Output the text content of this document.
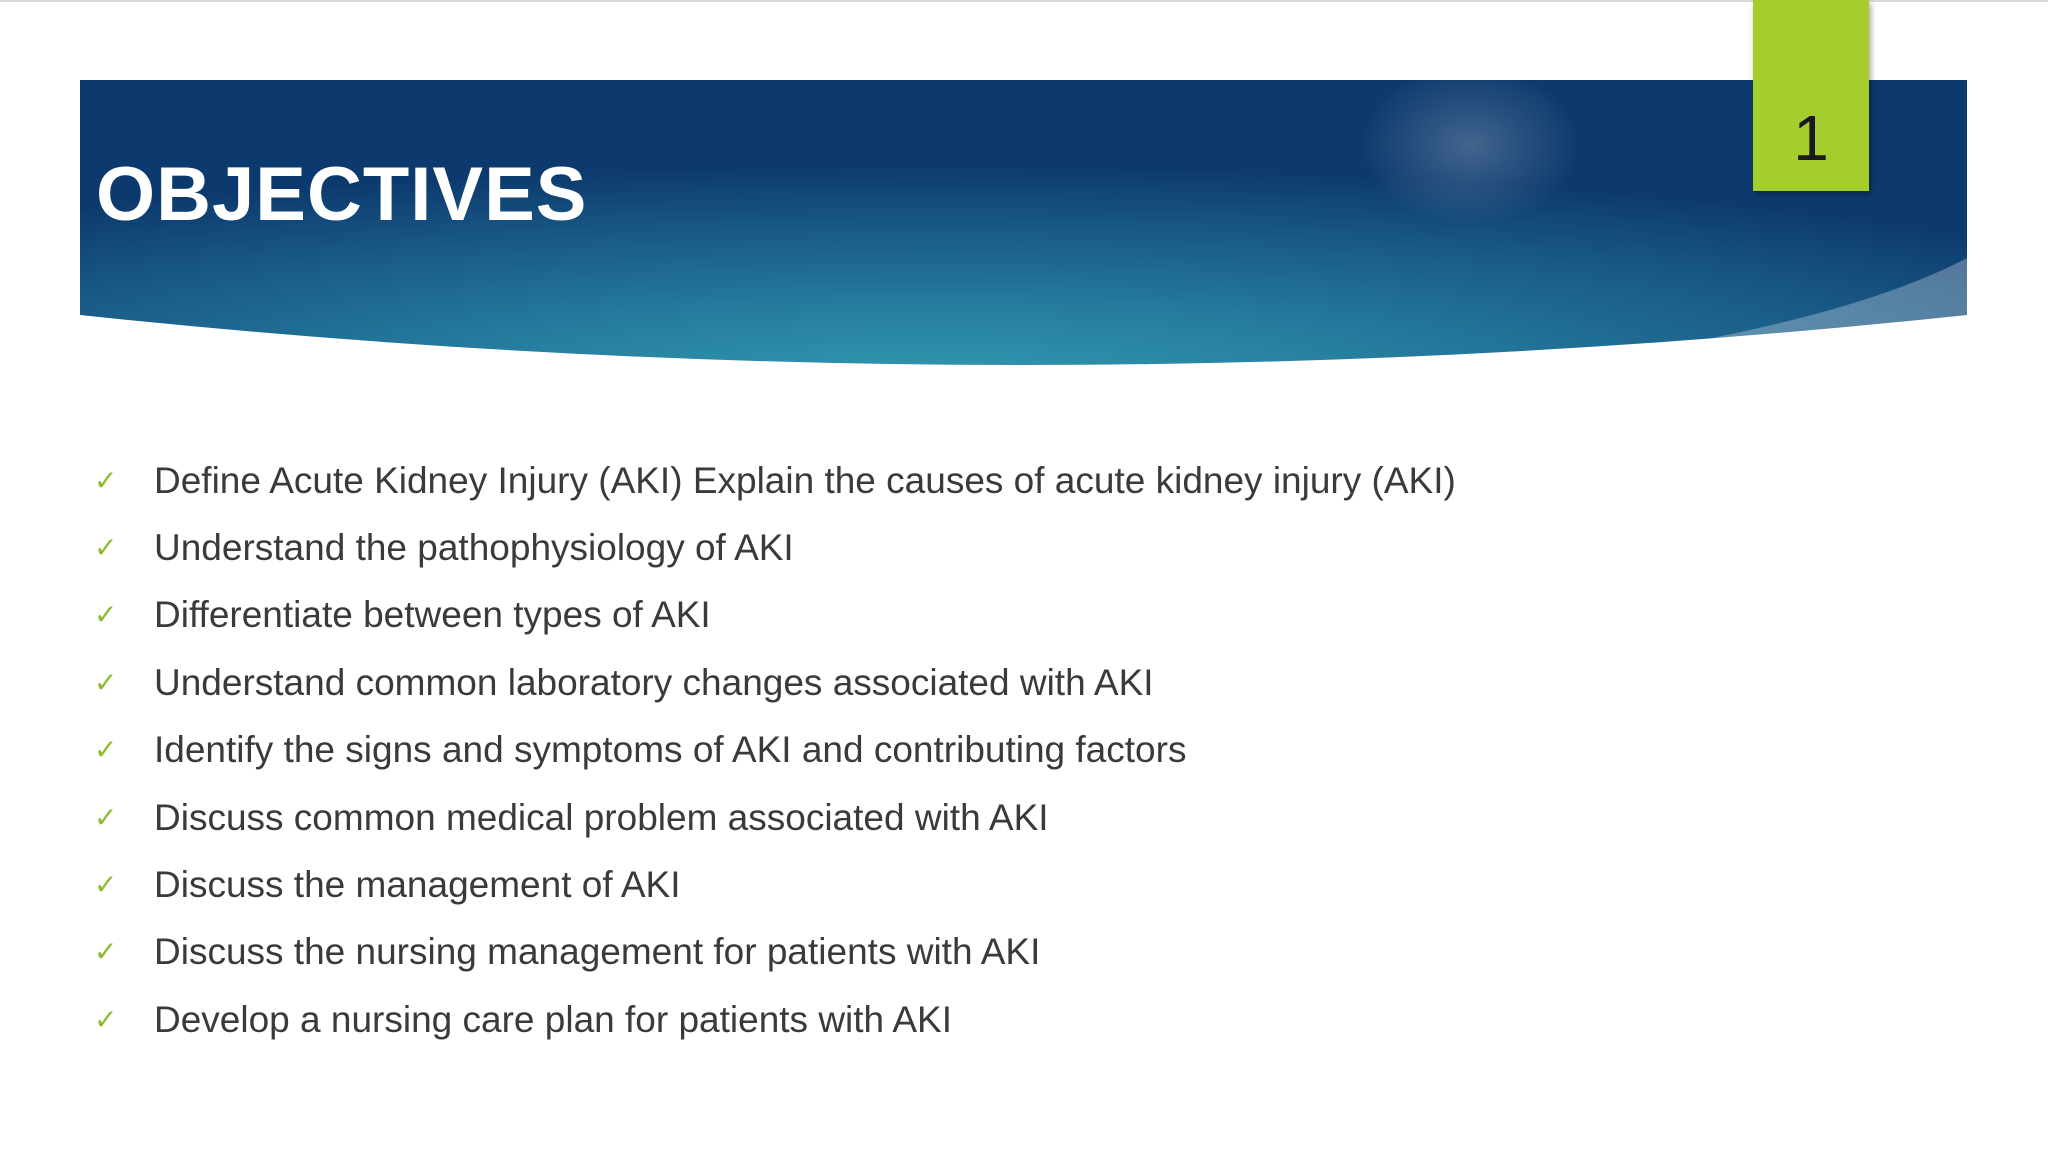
OBJECTIVES
1
✓ Define Acute Kidney Injury (AKI) Explain the causes of acute kidney injury (AKI)
✓ Understand the pathophysiology of AKI
✓ Differentiate between types of AKI
✓ Understand common laboratory changes associated with AKI
✓ Identify the signs and symptoms of AKI and contributing factors
✓ Discuss common medical problem associated with AKI
✓ Discuss the management of AKI
✓ Discuss the nursing management for patients with AKI
✓ Develop a nursing care plan for patients with AKI
